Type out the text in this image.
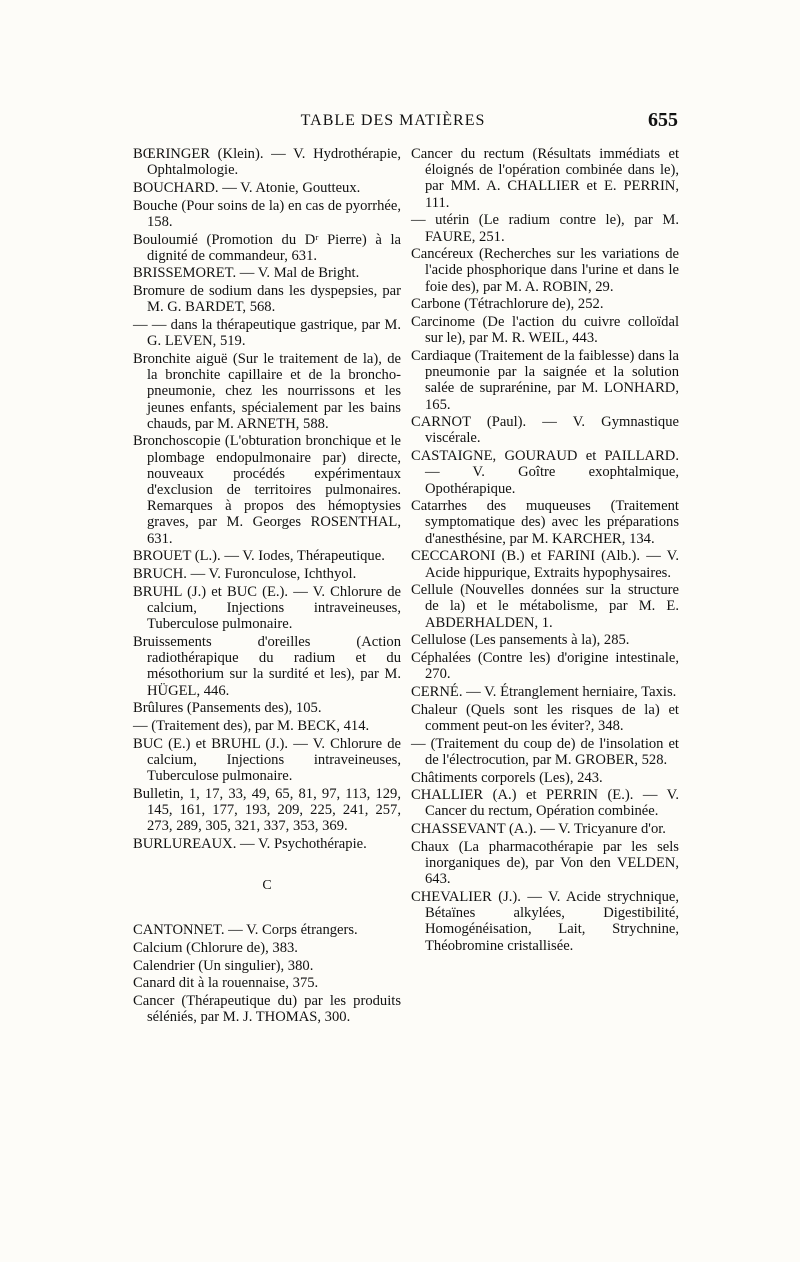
TABLE DES MATIÈRES	655

BŒRINGER (Klein). — V. Hydrothérapie, Ophtalmologie.

BOUCHARD. — V. Atonie, Goutteux.

Bouche (Pour soins de la) en cas de pyorrhée, 158.

Bouloumié (Promotion du Dʳ Pierre) à la dignité de commandeur, 631.

BRISSEMORET. — V. Mal de Bright.

Bromure de sodium dans les dyspepsies, par M. G. BARDET, 568.

— — dans la thérapeutique gastrique, par M. G. LEVEN, 519.

Bronchite aiguë (Sur le traitement de la), de la bronchite capillaire et de la broncho-pneumonie, chez les nourrissons et les jeunes enfants, spécialement par les bains chauds, par M. ARNETH, 588.

Bronchoscopie (L'obturation bronchique et le plombage endopulmonaire par) directe, nouveaux procédés expérimentaux d'exclusion de territoires pulmonaires. Remarques à propos des hémoptysies graves, par M. Georges ROSENTHAL, 631.

BROUET (L.). — V. Iodes, Thérapeutique.

BRUCH. — V. Furonculose, Ichthyol.

BRUHL (J.) et BUC (E.). — V. Chlorure de calcium, Injections intraveineuses, Tuberculose pulmonaire.

Bruissements d'oreilles (Action radiothérapique du radium et du mésothorium sur la surdité et les), par M. HÜGEL, 446.

Brûlures (Pansements des), 105.

— (Traitement des), par M. BECK, 414.

BUC (E.) et BRUHL (J.). — V. Chlorure de calcium, Injections intraveineuses, Tuberculose pulmonaire.

Bulletin, 1, 17, 33, 49, 65, 81, 97, 113, 129, 145, 161, 177, 193, 209, 225, 241, 257, 273, 289, 305, 321, 337, 353, 369.

BURLUREAUX. — V. Psychothérapie.

C

CANTONNET. — V. Corps étrangers.

Calcium (Chlorure de), 383.

Calendrier (Un singulier), 380.

Canard dit à la rouennaise, 375.

Cancer (Thérapeutique du) par les produits séléniés, par M. J. THOMAS, 300.

Cancer du rectum (Résultats immédiats et éloignés de l'opération combinée dans le), par MM. A. CHALLIER et E. PERRIN, 111.

— utérin (Le radium contre le), par M. FAURE, 251.

Cancéreux (Recherches sur les variations de l'acide phosphorique dans l'urine et dans le foie des), par M. A. ROBIN, 29.

Carbone (Tétrachlorure de), 252.

Carcinome (De l'action du cuivre colloïdal sur le), par M. R. WEIL, 443.

Cardiaque (Traitement de la faiblesse) dans la pneumonie par la saignée et la solution salée de suprarénine, par M. LONHARD, 165.

CARNOT (Paul). — V. Gymnastique viscérale.

CASTAIGNE, GOURAUD et PAILLARD. — V. Goître exophtalmique, Opothérapique.

Catarrhes des muqueuses (Traitement symptomatique des) avec les préparations d'anesthésine, par M. KARCHER, 134.

CECCARONI (B.) et FARINI (Alb.). — V. Acide hippurique, Extraits hypophysaires.

Cellule (Nouvelles données sur la structure de la) et le métabolisme, par M. E. ABDERHALDEN, 1.

Cellulose (Les pansements à la), 285.

Céphalées (Contre les) d'origine intestinale, 270.

CERNÉ. — V. Étranglement herniaire, Taxis.

Chaleur (Quels sont les risques de la) et comment peut-on les éviter?, 348.

— (Traitement du coup de) de l'insolation et de l'électrocution, par M. GROBER, 528.

Châtiments corporels (Les), 243.

CHALLIER (A.) et PERRIN (E.). — V. Cancer du rectum, Opération combinée.

CHASSEVANT (A.). — V. Tricyanure d'or.

Chaux (La pharmacothérapie par les sels inorganiques de), par Von den VELDEN, 643.

CHEVALIER (J.). — V. Acide strychnique, Bétaïnes alkylées, Digestibilité, Homogénéisation, Lait, Strychnine, Théobromine cristallisée.
